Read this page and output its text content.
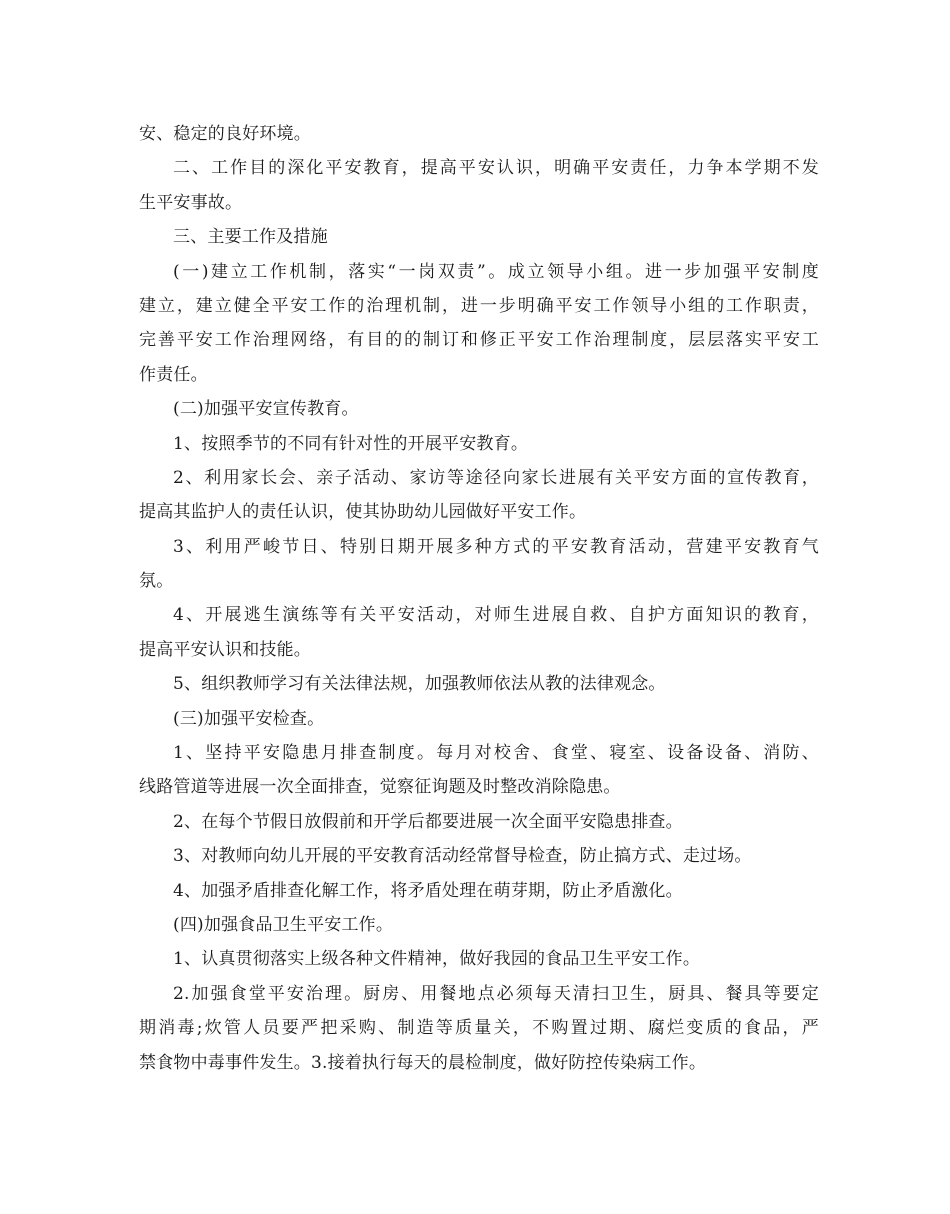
安、稳定的良好环境。
二、工作目的深化平安教育，提高平安认识，明确平安责任，力争本学期不发
生平安事故。
三、主要工作及措施
(一)建立工作机制，落实“一岗双责”。成立领导小组。进一步加强平安制度
建立，建立健全平安工作的治理机制，进一步明确平安工作领导小组的工作职责，
完善平安工作治理网络，有目的的制订和修正平安工作治理制度，层层落实平安工
作责任。
(二)加强平安宣传教育。
1、按照季节的不同有针对性的开展平安教育。
2、利用家长会、亲子活动、家访等途径向家长进展有关平安方面的宣传教育，
提高其监护人的责任认识，使其协助幼儿园做好平安工作。
3、利用严峻节日、特别日期开展多种方式的平安教育活动，营建平安教育气
氛。
4、开展逃生演练等有关平安活动，对师生进展自救、自护方面知识的教育，
提高平安认识和技能。
5、组织教师学习有关法律法规，加强教师依法从教的法律观念。
(三)加强平安检查。
1、坚持平安隐患月排查制度。每月对校舍、食堂、寝室、设备设备、消防、
线路管道等进展一次全面排查，觉察征询题及时整改消除隐患。
2、在每个节假日放假前和开学后都要进展一次全面平安隐患排查。
3、对教师向幼儿开展的平安教育活动经常督导检查，防止搞方式、走过场。
4、加强矛盾排查化解工作，将矛盾处理在萌芽期，防止矛盾激化。
(四)加强食品卫生平安工作。
1、认真贯彻落实上级各种文件精神，做好我园的食品卫生平安工作。
2.加强食堂平安治理。厨房、用餐地点必须每天清扫卫生，厨具、餐具等要定
期消毒;炊管人员要严把采购、制造等质量关，不购置过期、腐烂变质的食品，严
禁食物中毒事件发生。3.接着执行每天的晨检制度，做好防控传染病工作。
